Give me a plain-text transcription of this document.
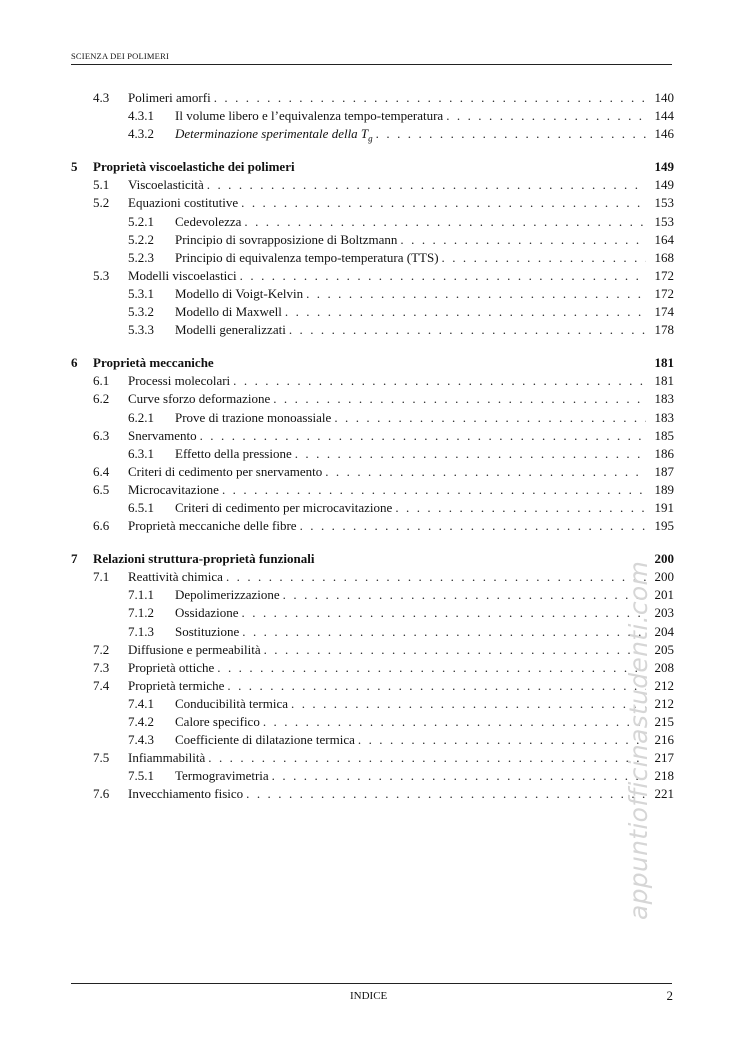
SCIENZA DEI POLIMERI
4.3 Polimeri amorfi . . .	140
4.3.1 Il volume libero e l’equivalenza tempo-temperatura . . .	144
4.3.2 Determinazione sperimentale della $T_g$ . . .	146
5 Proprietà viscoelastiche dei polimeri	149
5.1 Viscoelasticità . . .	149
5.2 Equazioni costitutive . . .	153
5.2.1 Cedevolezza . . .	153
5.2.2 Principio di sovrapposizione di Boltzmann . . .	164
5.2.3 Principio di equivalenza tempo-temperatura (TTS) . . .	168
5.3 Modelli viscoelastici . . .	172
5.3.1 Modello di Voigt-Kelvin . . .	172
5.3.2 Modello di Maxwell . . .	174
5.3.3 Modelli generalizzati . . .	178
6 Proprietà meccaniche	181
6.1 Processi molecolari . . .	181
6.2 Curve sforzo deformazione . . .	183
6.2.1 Prove di trazione monoassiale . . .	183
6.3 Snervamento . . .	185
6.3.1 Effetto della pressione . . .	186
6.4 Criteri di cedimento per snervamento . . .	187
6.5 Microcavitazione . . .	189
6.5.1 Criteri di cedimento per microcavitazione . . .	191
6.6 Proprietà meccaniche delle fibre . . .	195
7 Relazioni struttura-proprietà funzionali	200
7.1 Reattività chimica . . .	200
7.1.1 Depolimerizzazione . . .	201
7.1.2 Ossidazione . . .	203
7.1.3 Sostituzione . . .	204
7.2 Diffusione e permeabilità . . .	205
7.3 Proprietà ottiche . . .	208
7.4 Proprietà termiche . . .	212
7.4.1 Conducibilità termica . . .	212
7.4.2 Calore specifico . . .	215
7.4.3 Coefficiente di dilatazione termica . . .	216
7.5 Infiammabilità . . .	217
7.5.1 Termogravimetria . . .	218
7.6 Invecchiamento fisico . . .	221
appuntiofficinastudenti.com
INDICE	2
